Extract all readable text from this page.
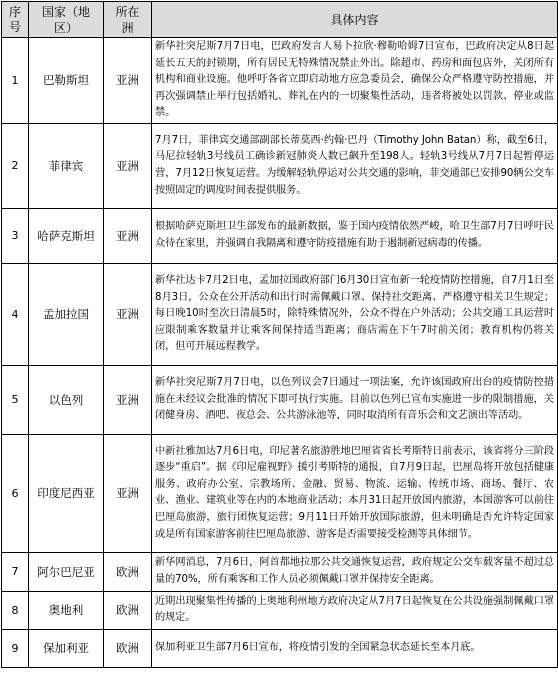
序号	国家（地区）	所在洲	具体内容
1	巴勒斯坦	亚洲	新华社突尼斯7月7日电，巴政府发言人易卜拉欣·穆勒哈姆7日宣布，巴政府决定从8日起延长五天的封锁期，所有居民无特殊情况禁止外出。除超市、药房和面包店外，关闭所有机构和商业设施。他呼吁各省立即启动地方应急委员会，确保公众严格遵守防控措施，并再次强调禁止举行包括婚礼、葬礼在内的一切聚集性活动，违者将被处以罚款、停业或监禁。
2	菲律宾	亚洲	7月7日，菲律宾交通部副部长蒂莫西·约翰·巴丹（Timothy John Batan）称，截至6日，马尼拉轻轨3号线员工确诊新冠肺炎人数已飙升至198人。轻轨3号线从7月7日起暂停运营，7月12日恢复运营。为缓解轻轨停运对公共交通的影响，菲交通部已安排90辆公交车按照固定的调度时间表提供服务。
3	哈萨克斯坦	亚洲	根据哈萨克斯坦卫生部发布的最新数据，鉴于国内疫情依然严峻，哈卫生部7月7日呼吁民众待在家里，并强调自我隔离和遵守防疫措施有助于遏制新冠病毒的传播。
4	孟加拉国	亚洲	新华社达卡7月2日电，孟加拉国政府部门6月30日宣布新一轮疫情防控措施，自7月1日至8月3日，公众在公开活动和出行时需佩戴口罩、保持社交距离、严格遵守相关卫生规定；每日晚10时至次日清晨5时，除特殊情况外，公众不得在户外活动；公共交通工具运营时应限制乘客数量并让乘客间保持适当距离；商店需在下午7时前关闭；教育机构仍将关闭，但可开展远程教学。
5	以色列	亚洲	新华社突尼斯7月7日电，以色列议会7日通过一项法案，允许该国政府出台的疫情防控措施在未经议会批准的情况下即可执行实施。目前以色列已宣布实施进一步的限制措施，关闭健身房、酒吧、夜总会、公共游泳池等，同时取消所有音乐会和文艺演出等活动。
6	印度尼西亚	亚洲	中新社雅加达7月6日电，印尼著名旅游胜地巴厘省省长考斯特日前表示，该省将分三阶段逐步“重启”。据《印尼雇视野》援引考斯特的通报，自7月9日起，巴厘岛将开放包括健康服务、政府办公室、宗教场所、金融、贸易、物流、运输、传统市场、商场、餐厅、农业、渔业、建筑业等在内的本地商业活动；本月31日起开放国内旅游，本国游客可以前往巴厘岛旅游，旅行团恢复运营；9月11日开始开放国际旅游，但未明确是否允许特定国家或是所有国家游客前往巴厘岛旅游、游客是否需要接受检测等具体细节。
7	阿尔巴尼亚	欧洲	新华网消息，7月6日，阿首都地拉那公共交通恢复运营，政府规定公交车载客量不超过总量的70%，所有乘客和工作人员必须佩戴口罩并保持安全距离。
8	奥地利	欧洲	近期出现聚集性传播的上奥地利州地方政府决定从7月7日起恢复在公共设施强制佩戴口罩的规定。
9	保加利亚	欧洲	保加利亚卫生部7月6日宣布，将疫情引发的全国紧急状态延长至本月底。
